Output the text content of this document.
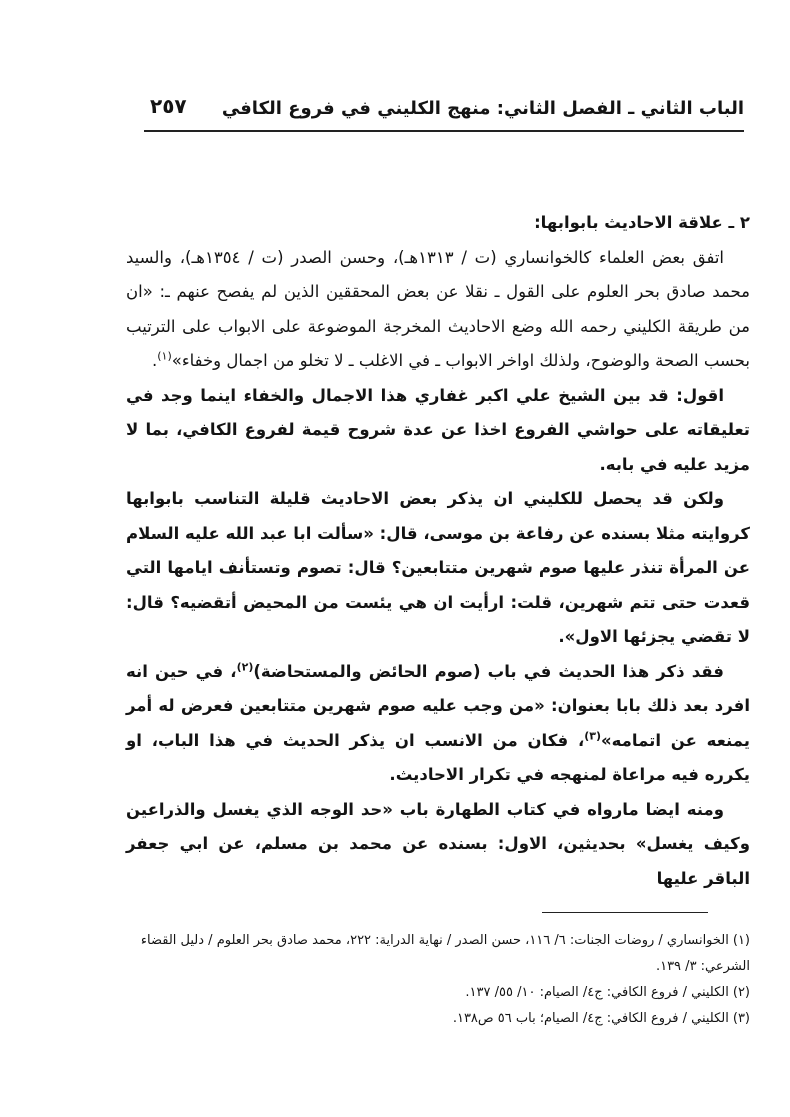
الباب الثاني ـ الفصل الثاني: منهج الكليني في فروع الكافي
٢٥٧
٢ ـ علاقة الاحاديث بابوابها:

اتفق بعض العلماء كالخوانساري (ت / ١٣١٣هـ)، وحسن الصدر (ت / ١٣٥٤هـ)، والسيد محمد صادق بحر العلوم على القول ـ نقلا عن بعض المحققين الذين لم يفصح عنهم ـ: «ان من طريقة الكليني رحمه الله وضع الاحاديث المخرجة الموضوعة على الابواب على الترتيب بحسب الصحة والوضوح، ولذلك اواخر الابواب ـ في الاغلب ـ لا تخلو من اجمال وخفاء»$^{(١)}$.

اقول: قد بين الشيخ علي اكبر غفاري هذا الاجمال والخفاء اينما وجد في تعليقاته على حواشي الفروع اخذا عن عدة شروح قيمة لفروع الكافي، بما لا مزيد عليه في بابه.

ولكن قد يحصل للكليني ان يذكر بعض الاحاديث قليلة التناسب بابوابها كروايته مثلا بسنده عن رفاعة بن موسى، قال: «سألت ابا عبد الله عليه السلام عن المرأة تنذر عليها صوم شهرين متتابعين؟ قال: تصوم وتستأنف ايامها التي قعدت حتى تتم شهرين، قلت: ارأيت ان هي يئست من المحيض أتقضيه؟ قال: لا تقضي يجزئها الاول».

فقد ذكر هذا الحديث في باب (صوم الحائض والمستحاضة)$^{(٢)}$، في حين انه افرد بعد ذلك بابا بعنوان: «من وجب عليه صوم شهرين متتابعين فعرض له أمر يمنعه عن اتمامه»$^{(٣)}$، فكان من الانسب ان يذكر الحديث في هذا الباب، او يكرره فيه مراعاة لمنهجه في تكرار الاحاديث.

ومنه ايضا مارواه في كتاب الطهارة باب «حد الوجه الذي يغسل والذراعين وكيف يغسل» بحديثين، الاول: بسنده عن محمد بن مسلم، عن ابي جعفر الباقر عليها

(١)الخوانساري / روضات الجنات: ٦/ ١١٦، حسن الصدر / نهاية الدراية: ٢٢٢، محمد صادق بحر العلوم / دليل القضاء الشرعي: ٣/ ١٣٩.

(٢)الكليني / فروع الكافي: ج٤/ الصيام: ١٠/ ٥٥/ ١٣٧.

(٣)الكليني / فروع الكافي: ج٤/ الصيام؛ باب ٥٦ ص١٣٨.
